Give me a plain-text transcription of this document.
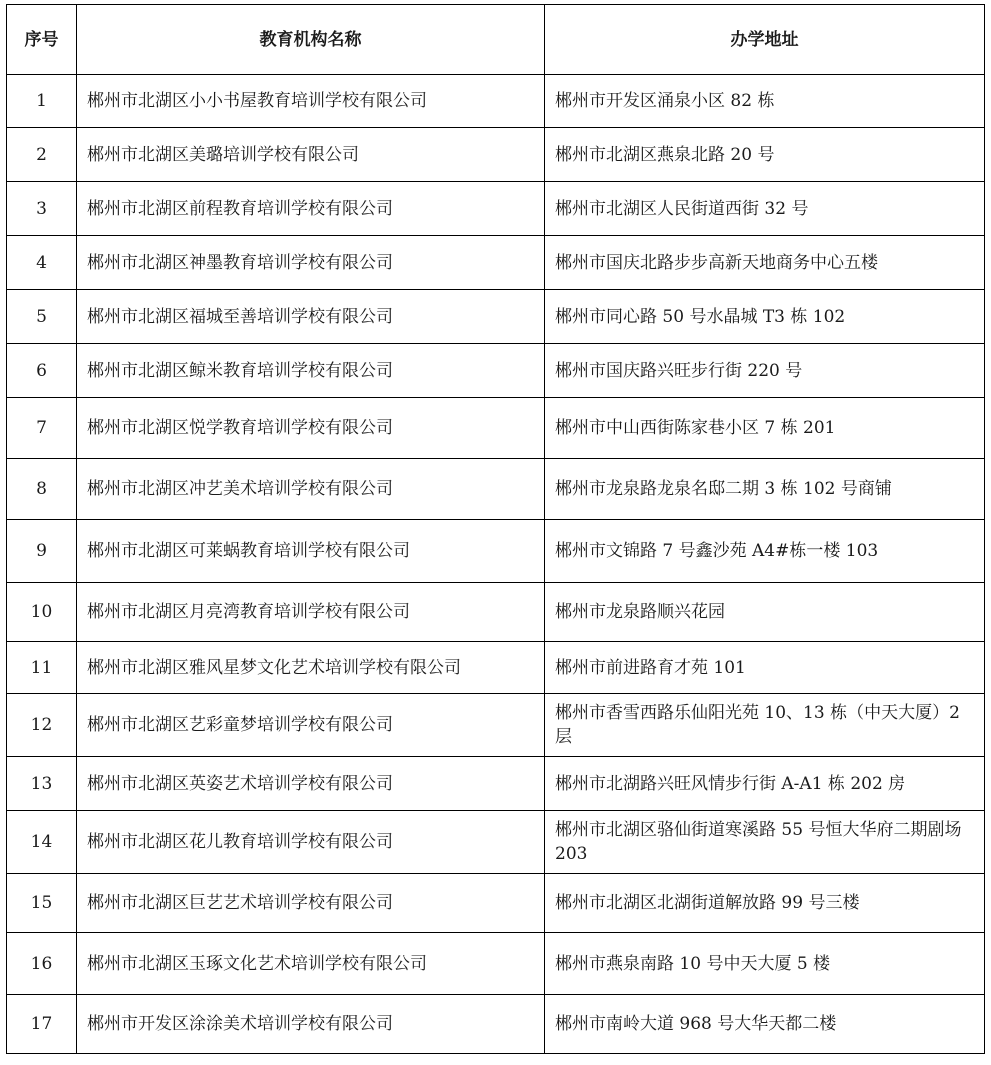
序号	教育机构名称	办学地址
1	郴州市北湖区小小书屋教育培训学校有限公司	郴州市开发区涌泉小区 82 栋
2	郴州市北湖区美璐培训学校有限公司	郴州市北湖区燕泉北路 20 号
3	郴州市北湖区前程教育培训学校有限公司	郴州市北湖区人民街道西街 32 号
4	郴州市北湖区神墨教育培训学校有限公司	郴州市国庆北路步步高新天地商务中心五楼
5	郴州市北湖区福城至善培训学校有限公司	郴州市同心路 50 号水晶城 T3 栋 102
6	郴州市北湖区鲸米教育培训学校有限公司	郴州市国庆路兴旺步行街 220 号
7	郴州市北湖区悦学教育培训学校有限公司	郴州市中山西街陈家巷小区 7 栋 201
8	郴州市北湖区冲艺美术培训学校有限公司	郴州市龙泉路龙泉名邸二期 3 栋 102 号商铺
9	郴州市北湖区可莱蜗教育培训学校有限公司	郴州市文锦路 7 号鑫沙苑 A4#栋一楼 103
10	郴州市北湖区月亮湾教育培训学校有限公司	郴州市龙泉路顺兴花园
11	郴州市北湖区雅风星梦文化艺术培训学校有限公司	郴州市前进路育才苑 101
12	郴州市北湖区艺彩童梦培训学校有限公司	郴州市香雪西路乐仙阳光苑 10、13 栋（中天大厦）2 层
13	郴州市北湖区英姿艺术培训学校有限公司	郴州市北湖路兴旺风情步行街 A-A1 栋 202 房
14	郴州市北湖区花儿教育培训学校有限公司	郴州市北湖区骆仙街道寒溪路 55 号恒大华府二期剧场 203
15	郴州市北湖区巨艺艺术培训学校有限公司	郴州市北湖区北湖街道解放路 99 号三楼
16	郴州市北湖区玉琢文化艺术培训学校有限公司	郴州市燕泉南路 10 号中天大厦 5 楼
17	郴州市开发区涂涂美术培训学校有限公司	郴州市南岭大道 968 号大华天都二楼
